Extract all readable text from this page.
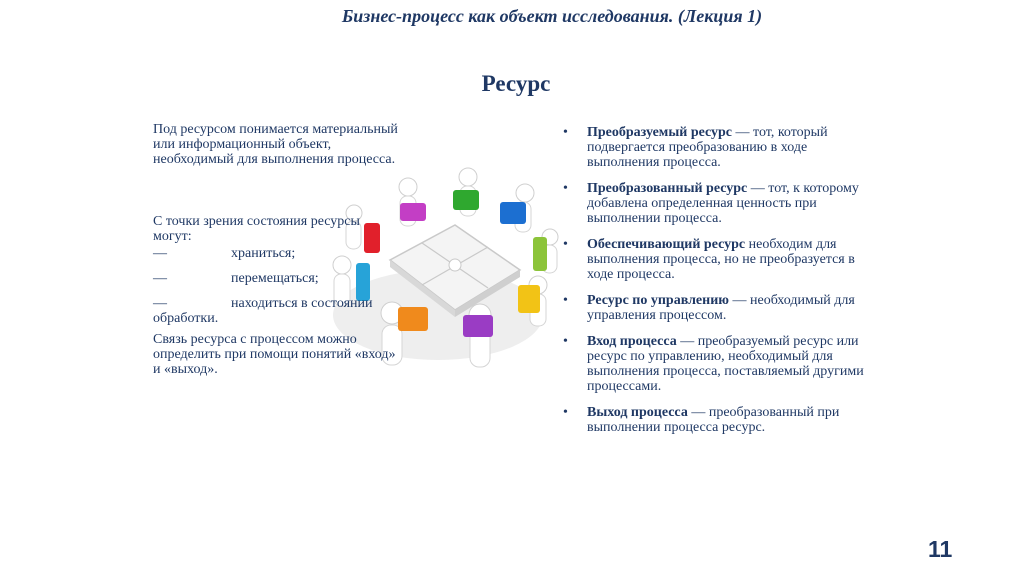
Бизнес-процесс как объект исследования. (Лекция 1)
Ресурс

Под ресурсом понимается материальный или информационный объект, необходимый для выполнения процесса.

С точки зрения состояния ресурсы могут:

—	храниться;

—	перемещаться;

—	находиться в состоянии

обработки.

Связь ресурса с процессом можно определить при помощи понятий «вход» и «выход».

• Преобразуемый ресурс — тот, который подвергается преобразованию в ходе выполнения процесса.
• Преобразованный ресурс — тот, к которому добавлена определенная ценность при выполнении процесса.
• Обеспечивающий ресурс необходим для выполнения процесса, но не преобразуется в ходе процесса.
• Ресурс по управлению — необходимый для управления процессом.
• Вход процесса — преобразуемый ресурс или ресурс по управлению, необходимый для выполнения процесса, поставляемый другими процессами.
• Выход процесса — преобразованный при выполнении процесса ресурс.
11
